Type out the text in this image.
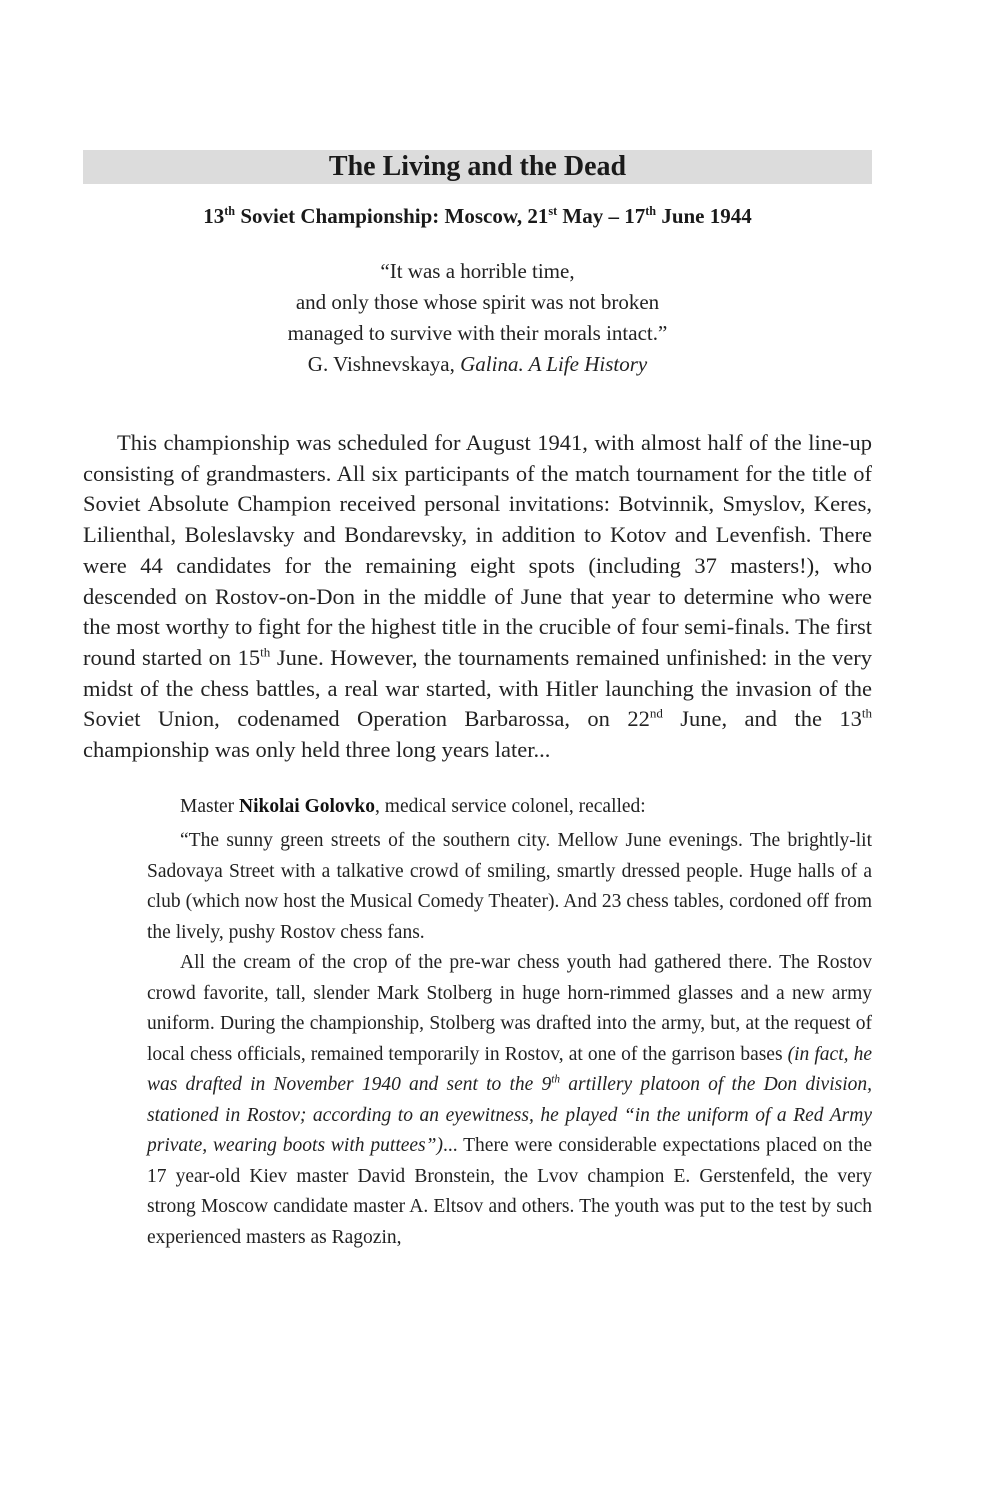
The Living and the Dead
13th Soviet Championship: Moscow, 21st May – 17th June 1944
“It was a horrible time,
and only those whose spirit was not broken
managed to survive with their morals intact.”
G. Vishnevskaya, Galina. A Life History

This championship was scheduled for August 1941, with almost half of the line-up consisting of grandmasters. All six participants of the match tournament for the title of Soviet Absolute Champion received personal invitations: Botvinnik, Smyslov, Keres, Lilienthal, Boleslavsky and Bondarevsky, in addition to Kotov and Levenfish. There were 44 candidates for the remaining eight spots (including 37 masters!), who descended on Rostov-on-Don in the middle of June that year to determine who were the most worthy to fight for the highest title in the crucible of four semi-finals. The first round started on 15th June. However, the tournaments remained unfinished: in the very midst of the chess battles, a real war started, with Hitler launching the invasion of the Soviet Union, codenamed Operation Barbarossa, on 22nd June, and the 13th championship was only held three long years later...

Master Nikolai Golovko, medical service colonel, recalled:

“The sunny green streets of the southern city. Mellow June evenings. The brightly-lit Sadovaya Street with a talkative crowd of smiling, smartly dressed people. Huge halls of a club (which now host the Musical Comedy Theater). And 23 chess tables, cordoned off from the lively, pushy Rostov chess fans.

All the cream of the crop of the pre-war chess youth had gathered there. The Rostov crowd favorite, tall, slender Mark Stolberg in huge horn-rimmed glasses and a new army uniform. During the championship, Stolberg was drafted into the army, but, at the request of local chess officials, remained temporarily in Rostov, at one of the garrison bases (in fact, he was drafted in November 1940 and sent to the 9th artillery platoon of the Don division, stationed in Rostov; according to an eyewitness, he played “in the uniform of a Red Army private, wearing boots with puttees”)... There were considerable expectations placed on the 17 year-old Kiev master David Bronstein, the Lvov champion E. Gerstenfeld, the very strong Moscow candidate master A. Eltsov and others. The youth was put to the test by such experienced masters as Ragozin,
